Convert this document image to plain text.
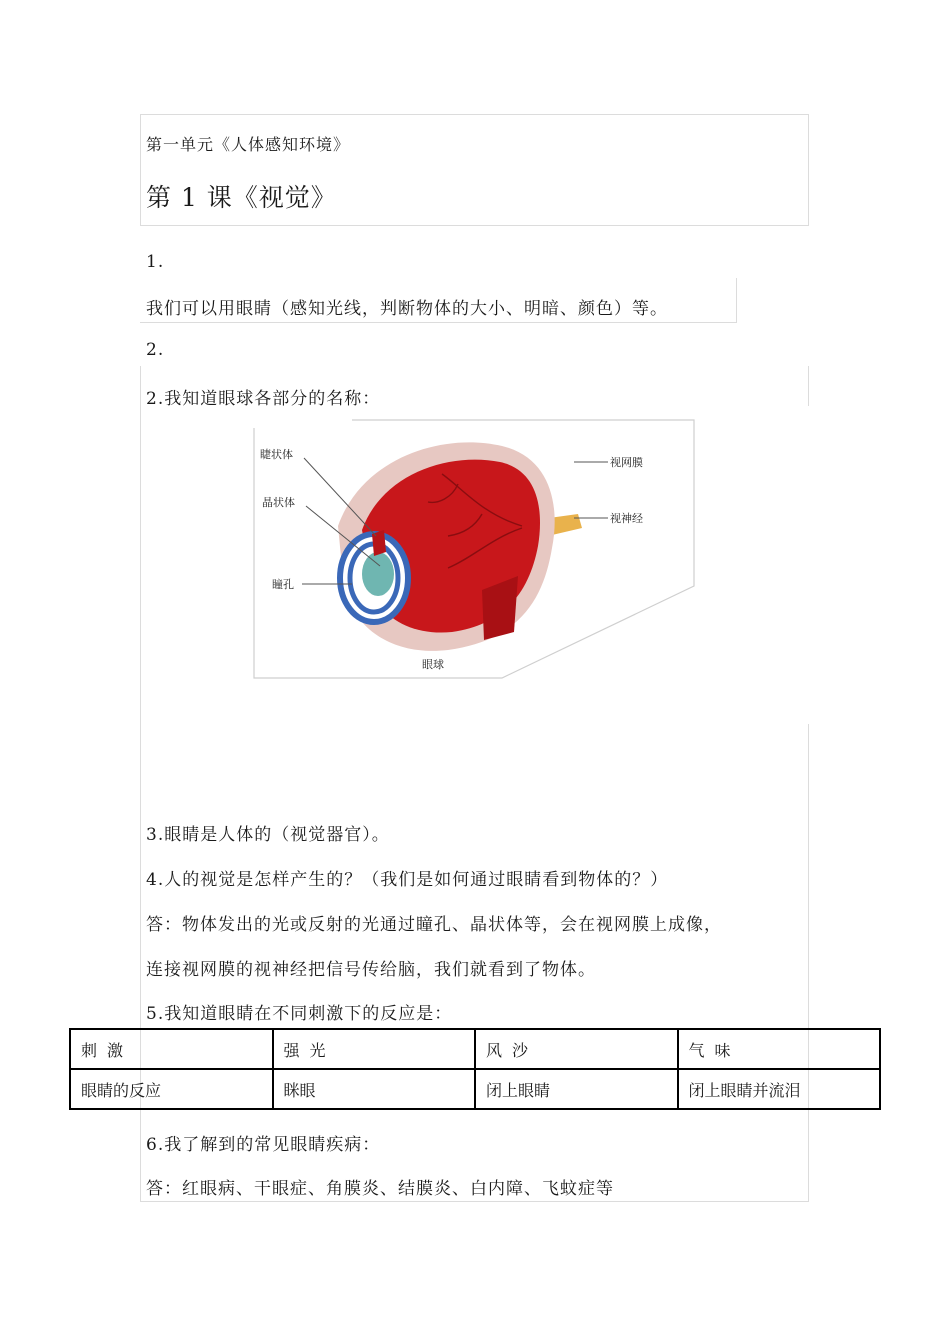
第一单元《人体感知环境》
第 1 课《视觉》
1.
我们可以用眼睛（感知光线，判断物体的大小、明暗、颜色）等。
2.
2.我知道眼球各部分的名称：
睫状体
晶状体
瞳孔
视网膜
视神经
眼球
3.眼睛是人体的（视觉器官）。
4.人的视觉是怎样产生的？（我们是如何通过眼睛看到物体的？）
答：物体发出的光或反射的光通过瞳孔、晶状体等，会在视网膜上成像，
连接视网膜的视神经把信号传给脑，我们就看到了物体。
5.我知道眼睛在不同刺激下的反应是：
刺激	强光	风沙	气味
眼睛的反应	眯眼	闭上眼睛	闭上眼睛并流泪
6.我了解到的常见眼睛疾病：
答：红眼病、干眼症、角膜炎、结膜炎、白内障、飞蚊症等
